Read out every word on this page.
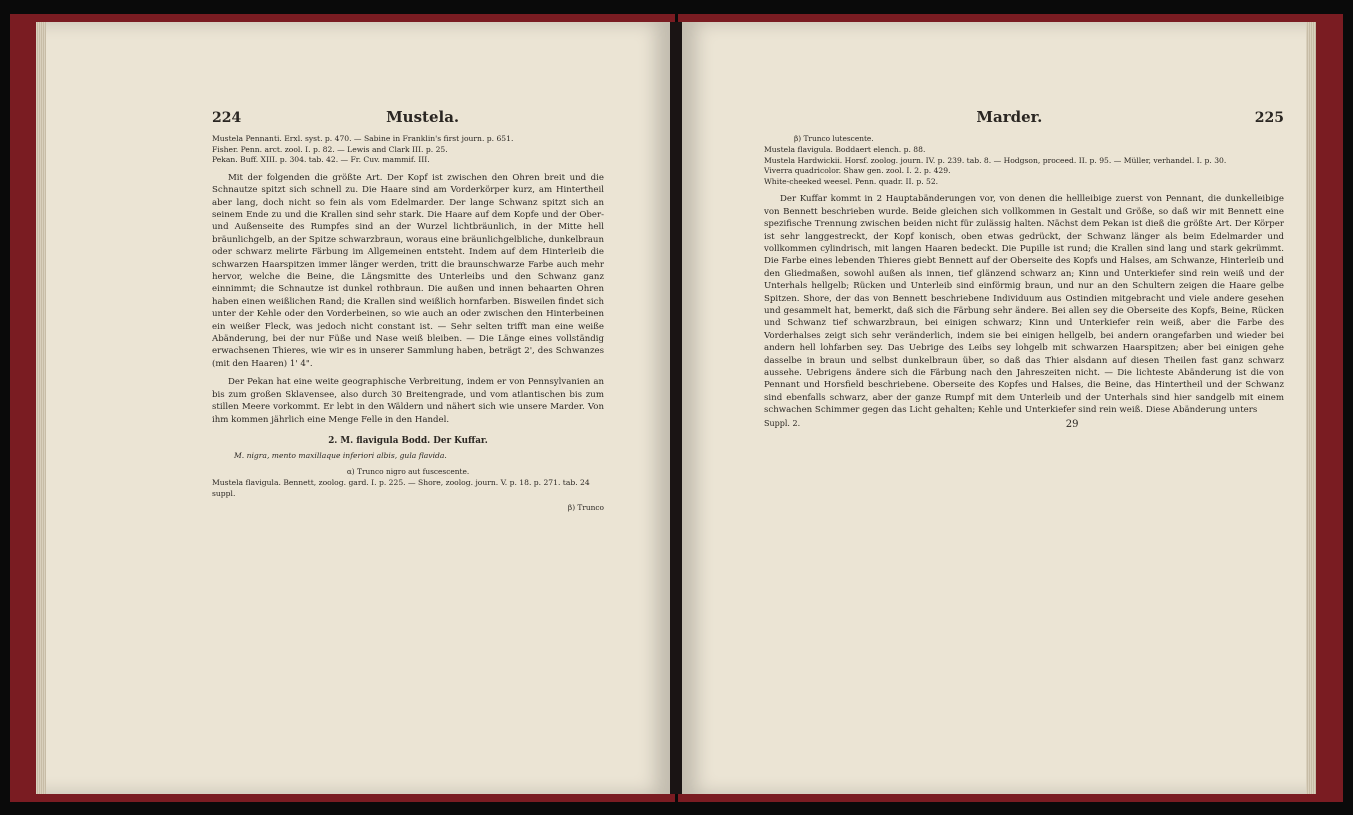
224	Mustela.
Mustela Pennanti. Erxl. syst. p. 470. — Sabine in Franklin's first journ. p. 651.
Fisher. Penn. arct. zool. I. p. 82. — Lewis and Clark III. p. 25.
Pekan. Buff. XIII. p. 304. tab. 42. — Fr. Cuv. mammif. III.

Mit der folgenden die größte Art. Der Kopf ist zwischen den Ohren breit und die Schnautze spitzt sich schnell zu. Die Haare sind am Vorderkörper kurz, am Hintertheil aber lang, doch nicht so fein als vom Edelmarder. Der lange Schwanz spitzt sich an seinem Ende zu und die Krallen sind sehr stark. Die Haare auf dem Kopfe und der Ober- und Außenseite des Rumpfes sind an der Wurzel lichtbräunlich, in der Mitte hell bräunlichgelb, an der Spitze schwarzbraun, woraus eine bräunlichgelbliche, dunkelbraun oder schwarz melirte Färbung im Allgemeinen entsteht. Indem auf dem Hinterleib die schwarzen Haarspitzen immer länger werden, tritt die braunschwarze Farbe auch mehr hervor, welche die Beine, die Längsmitte des Unterleibs und den Schwanz ganz einnimmt; die Schnautze ist dunkel rothbraun. Die außen und innen behaarten Ohren haben einen weißlichen Rand; die Krallen sind weißlich hornfarben. Bisweilen findet sich unter der Kehle oder den Vorderbeinen, so wie auch an oder zwischen den Hinterbeinen ein weißer Fleck, was jedoch nicht constant ist. — Sehr selten trifft man eine weiße Abänderung, bei der nur Füße und Nase weiß bleiben. — Die Länge eines vollständig erwachsenen Thieres, wie wir es in unserer Sammlung haben, beträgt 2', des Schwanzes (mit den Haaren) 1' 4".

Der Pekan hat eine weite geographische Verbreitung, indem er von Pennsylvanien an bis zum großen Sklavensee, also durch 30 Breitengrade, und vom atlantischen bis zum stillen Meere vorkommt. Er lebt in den Wäldern und nähert sich wie unsere Marder. Von ihm kommen jährlich eine Menge Felle in den Handel.

2. M. flavigula Bodd. Der Kuffar.
M. nigra, mento maxillaque inferiori albis, gula flavida.
α) Trunco nigro aut fuscescente.
Mustela flavigula. Bennett, zoolog. gard. I. p. 225. — Shore, zoolog. journ. V. p. 18. p. 271. tab. 24 suppl.
β) Trunco
Marder.	225
β) Trunco lutescente.
Mustela flavigula. Boddaert elench. p. 88.
Mustela Hardwickii. Horsf. zoolog. journ. IV. p. 239. tab. 8. — Hodgson, proceed. II. p. 95. — Müller, verhandel. I. p. 30.
Viverra quadricolor. Shaw gen. zool. I. 2. p. 429.
White-cheeked weesel. Penn. quadr. II. p. 52.

Der Kuffar kommt in 2 Hauptabänderungen vor, von denen die hellleibige zuerst von Pennant, die dunkelleibige von Bennett beschrieben wurde. Beide gleichen sich vollkommen in Gestalt und Größe, so daß wir mit Bennett eine spezifische Trennung zwischen beiden nicht für zulässig halten. Nächst dem Pekan ist dieß die größte Art. Der Körper ist sehr langgestreckt, der Kopf konisch, oben etwas gedrückt, der Schwanz länger als beim Edelmarder und vollkommen cylindrisch, mit langen Haaren bedeckt. Die Pupille ist rund; die Krallen sind lang und stark gekrümmt. Die Farbe eines lebenden Thieres giebt Bennett auf der Oberseite des Kopfs und Halses, am Schwanze, Hinterleib und den Gliedmaßen, sowohl außen als innen, tief glänzend schwarz an; Kinn und Unterkiefer sind rein weiß und der Unterhals hellgelb; Rücken und Unterleib sind einförmig braun, und nur an den Schultern zeigen die Haare gelbe Spitzen. Shore, der das von Bennett beschriebene Individuum aus Ostindien mitgebracht und viele andere gesehen und gesammelt hat, bemerkt, daß sich die Färbung sehr ändere. Bei allen sey die Oberseite des Kopfs, Beine, Rücken und Schwanz tief schwarzbraun, bei einigen schwarz; Kinn und Unterkiefer rein weiß, aber die Farbe des Vorderhalses zeigt sich sehr veränderlich, indem sie bei einigen hellgelb, bei andern orangefarben und wieder bei andern hell lohfarben sey. Das Uebrige des Leibs sey lohgelb mit schwarzen Haarspitzen; aber bei einigen gehe dasselbe in braun und selbst dunkelbraun über, so daß das Thier alsdann auf diesen Theilen fast ganz schwarz aussehe. Uebrigens ändere sich die Färbung nach den Jahreszeiten nicht. — Die lichteste Abänderung ist die von Pennant und Horsfield beschriebene. Oberseite des Kopfes und Halses, die Beine, das Hintertheil und der Schwanz sind ebenfalls schwarz, aber der ganze Rumpf mit dem Unterleib und der Unterhals sind hier sandgelb mit einem schwachen Schimmer gegen das Licht gehalten; Kehle und Unterkiefer sind rein weiß. Diese Abänderung unters

Suppl. 2.	29
